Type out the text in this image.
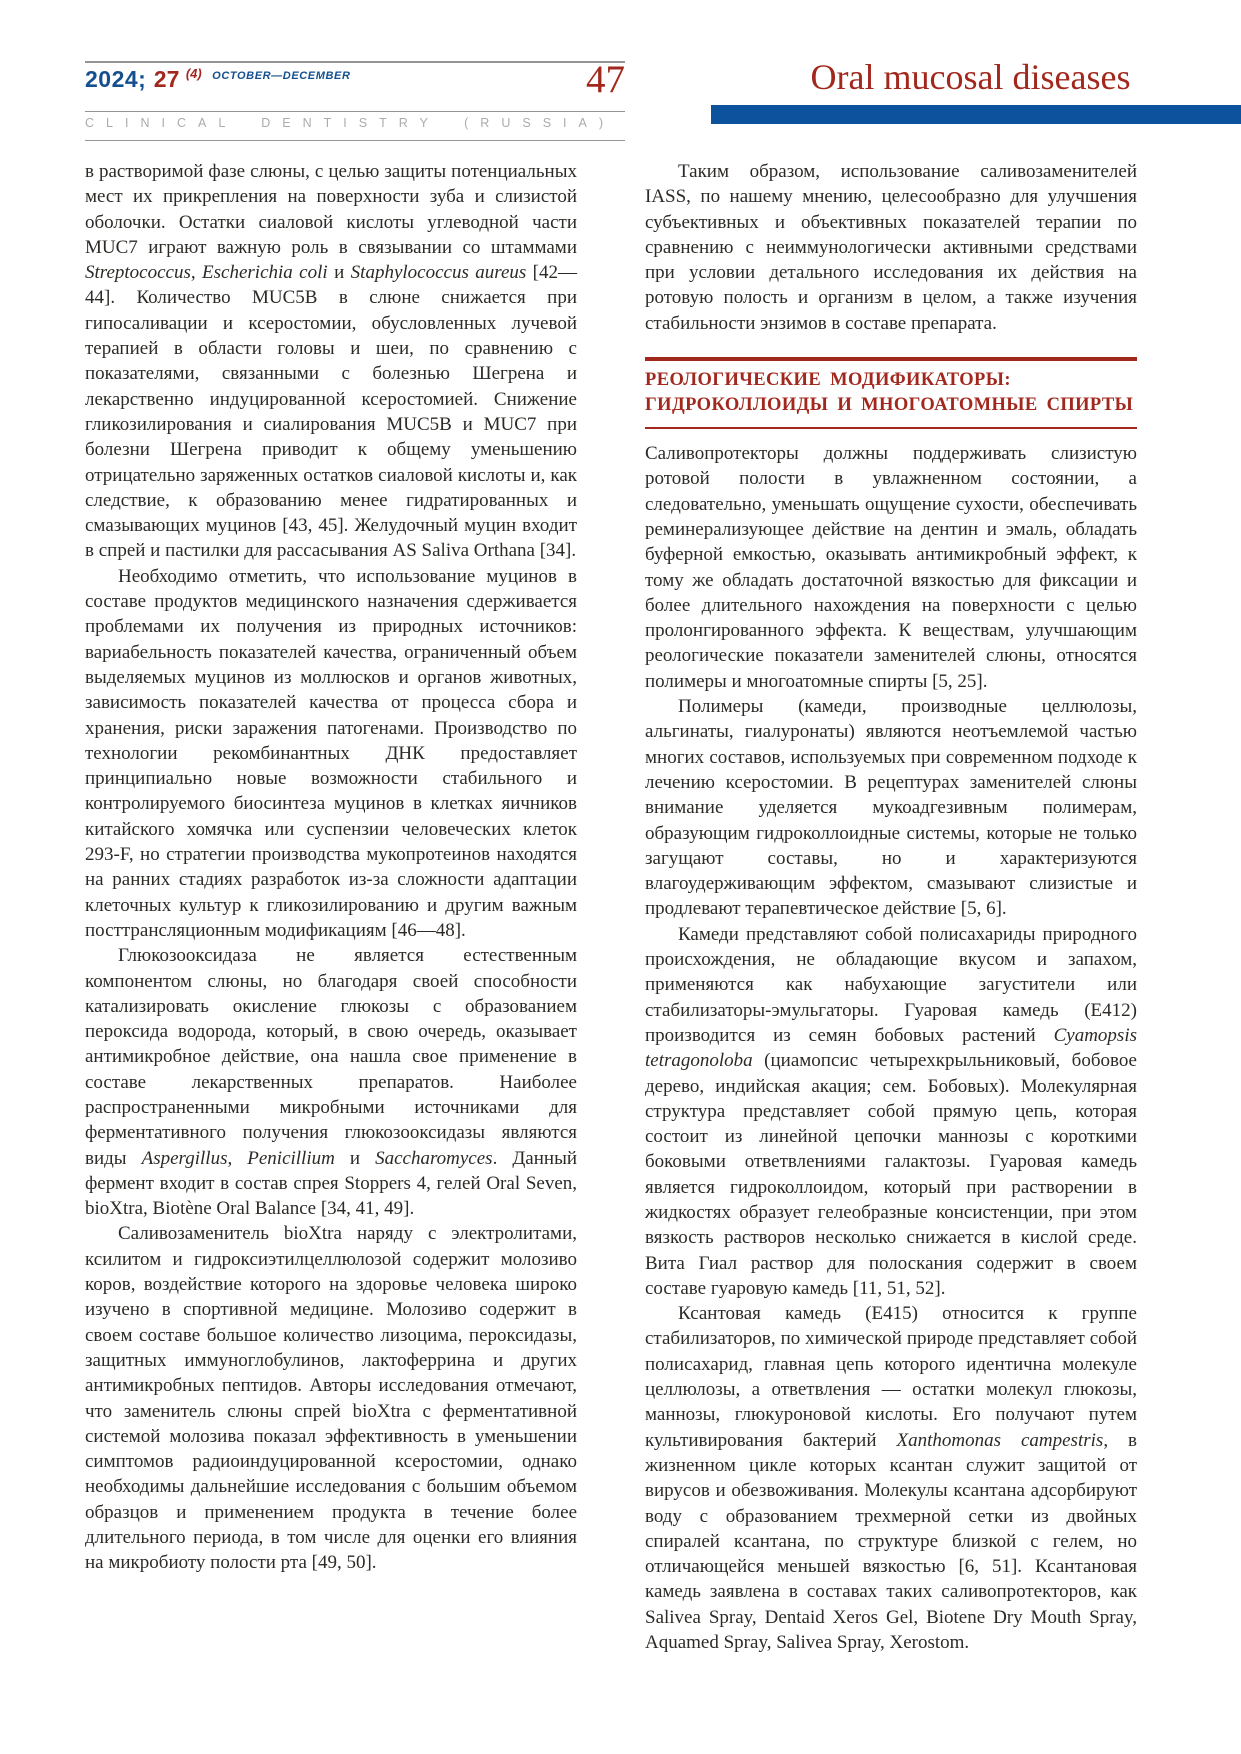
2024; 27 $^{(4)}$ $^{OCTOBER—DECEMBER}$	47
CLINICAL DENTISTRY (RUSSIA)
Oral mucosal diseases

в растворимой фазе слюны, с целью защиты потенциальных мест их прикрепления на поверхности зуба и слизистой оболочки. Остатки сиаловой кислоты углеводной части MUC7 играют важную роль в связывании со штаммами Streptococcus, Escherichia coli и Staphylococcus aureus [42—44]. Количество MUC5B в слюне снижается при гипосаливации и ксеростомии, обусловленных лучевой терапией в области головы и шеи, по сравнению с показателями, связанными с болезнью Шегрена и лекарственно индуцированной ксеростомией. Снижение гликозилирования и сиалирования MUC5B и MUC7 при болезни Шегрена приводит к общему уменьшению отрицательно заряженных остатков сиаловой кислоты и, как следствие, к образованию менее гидратированных и смазывающих муцинов [43, 45]. Желудочный муцин входит в спрей и пастилки для рассасывания AS Saliva Orthana [34].

Необходимо отметить, что использование муцинов в составе продуктов медицинского назначения сдерживается проблемами их получения из природных источников: вариабельность показателей качества, ограниченный объем выделяемых муцинов из моллюсков и органов животных, зависимость показателей качества от процесса сбора и хранения, риски заражения патогенами. Производство по технологии рекомбинантных ДНК предоставляет принципиально новые возможности стабильного и контролируемого биосинтеза муцинов в клетках яичников китайского хомячка или суспензии человеческих клеток 293-F, но стратегии производства мукопротеинов находятся на ранних стадиях разработок из-за сложности адаптации клеточных культур к гликозилированию и другим важным посттрансляционным модификациям [46—48].

Глюкозооксидаза не является естественным компонентом слюны, но благодаря своей способности катализировать окисление глюкозы с образованием пероксида водорода, который, в свою очередь, оказывает антимикробное действие, она нашла свое применение в составе лекарственных препаратов. Наиболее распространенными микробными источниками для ферментативного получения глюкозооксидазы являются виды Aspergillus, Penicillium и Saccharomyces. Данный фермент входит в состав спрея Stoppers 4, гелей Oral Seven, bioXtra, Biotène Oral Balance [34, 41, 49].

Саливозаменитель bioXtra наряду с электролитами, ксилитом и гидроксиэтилцеллюлозой содержит молозиво коров, воздействие которого на здоровье человека широко изучено в спортивной медицине. Молозиво содержит в своем составе большое количество лизоцима, пероксидазы, защитных иммуноглобулинов, лактоферрина и других антимикробных пептидов. Авторы исследования отмечают, что заменитель слюны спрей bioXtra с ферментативной системой молозива показал эффективность в уменьшении симптомов радиоиндуцированной ксеростомии, однако необходимы дальнейшие исследования с большим объемом образцов и применением продукта в течение более длительного периода, в том числе для оценки его влияния на микробиоту полости рта [49, 50].

Таким образом, использование саливозаменителей IASS, по нашему мнению, целесообразно для улучшения субъективных и объективных показателей терапии по сравнению с неиммунологически активными средствами при условии детального исследования их действия на ротовую полость и организм в целом, а также изучения стабильности энзимов в составе препарата.

РЕОЛОГИЧЕСКИЕ МОДИФИКАТОРЫ:
ГИДРОКОЛЛОИДЫ И МНОГОАТОМНЫЕ СПИРТЫ

Саливопротекторы должны поддерживать слизистую ротовой полости в увлажненном состоянии, а следовательно, уменьшать ощущение сухости, обеспечивать реминерализующее действие на дентин и эмаль, обладать буферной емкостью, оказывать антимикробный эффект, к тому же обладать достаточной вязкостью для фиксации и более длительного нахождения на поверхности с целью пролонгированного эффекта. К веществам, улучшающим реологические показатели заменителей слюны, относятся полимеры и многоатомные спирты [5, 25].

Полимеры (камеди, производные целлюлозы, альгинаты, гиалуронаты) являются неотъемлемой частью многих составов, используемых при современном подходе к лечению ксеростомии. В рецептурах заменителей слюны внимание уделяется мукоадгезивным полимерам, образующим гидроколлоидные системы, которые не только загущают составы, но и характеризуются влагоудерживающим эффектом, смазывают слизистые и продлевают терапевтическое действие [5, 6].

Камеди представляют собой полисахариды природного происхождения, не обладающие вкусом и запахом, применяются как набухающие загустители или стабилизаторы-эмульгаторы. Гуаровая камедь (Е412) производится из семян бобовых растений Cyamopsis tetragonoloba (циамопсис четырехкрыльниковый, бобовое дерево, индийская акация; сем. Бобовых). Молекулярная структура представляет собой прямую цепь, которая состоит из линейной цепочки маннозы с короткими боковыми ответвлениями галактозы. Гуаровая камедь является гидроколлоидом, который при растворении в жидкостях образует гелеобразные консистенции, при этом вязкость растворов несколько снижается в кислой среде. Вита Гиал раствор для полоскания содержит в своем составе гуаровую камедь [11, 51, 52].

Ксантовая камедь (Е415) относится к группе стабилизаторов, по химической природе представляет собой полисахарид, главная цепь которого идентична молекуле целлюлозы, а ответвления — остатки молекул глюкозы, маннозы, глюкуроновой кислоты. Его получают путем культивирования бактерий Xanthomonas campestris, в жизненном цикле которых ксантан служит защитой от вирусов и обезвоживания. Молекулы ксантана адсорбируют воду с образованием трехмерной сетки из двойных спиралей ксантана, по структуре близкой с гелем, но отличающейся меньшей вязкостью [6, 51]. Ксантановая камедь заявлена в составах таких саливопротекторов, как Salivea Spray, Dentaid Xeros Gel, Biotene Dry Mouth Spray, Aquamed Spray, Salivea Spray, Xerostom.
